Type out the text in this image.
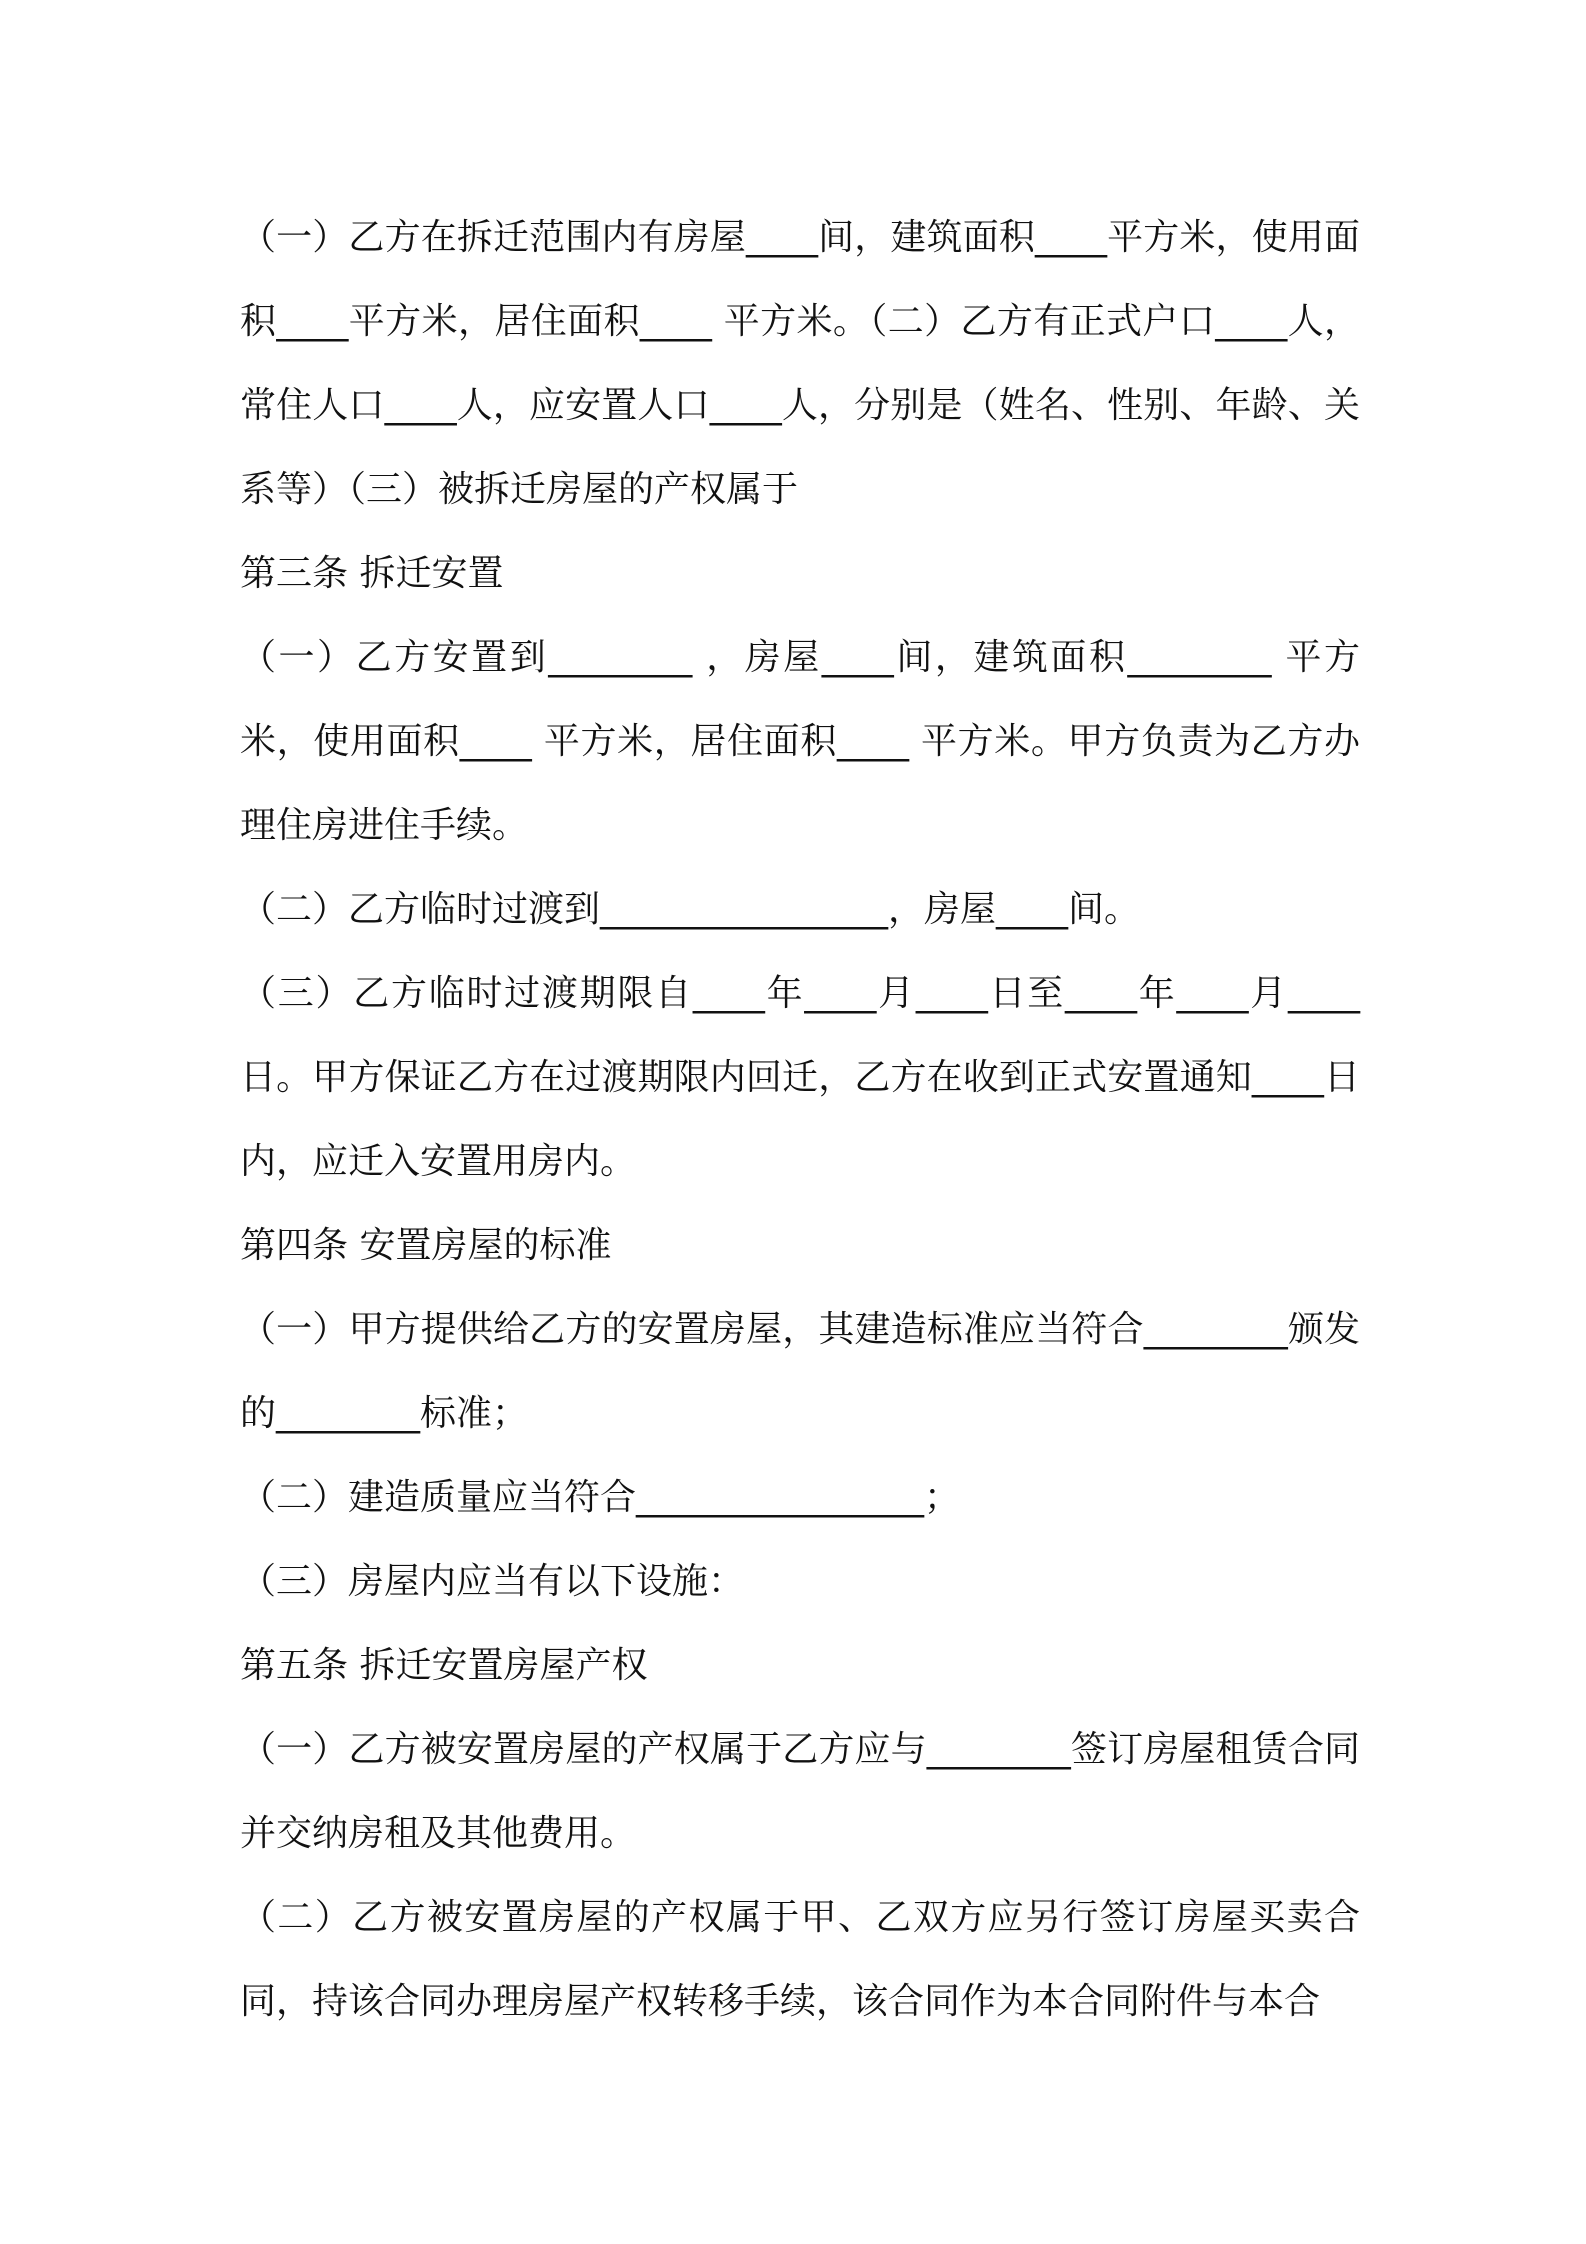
（一）乙方在拆迁范围内有房屋____间，建筑面积____平方米，使用面积____平方米，居住面积____ 平方米。（二）乙方有正式户口____人，常住人口____人，应安置人口____人，分别是（姓名、性别、年龄、关系等）（三）被拆迁房屋的产权属于

第三条 拆迁安置

（一）乙方安置到________ ，房屋____间，建筑面积________ 平方米，使用面积____ 平方米，居住面积____ 平方米。甲方负责为乙方办理住房进住手续。

（二）乙方临时过渡到________________，房屋____间。

（三）乙方临时过渡期限自____年____月____日至____年____月____日。甲方保证乙方在过渡期限内回迁，乙方在收到正式安置通知____日内，应迁入安置用房内。

第四条 安置房屋的标准

（一）甲方提供给乙方的安置房屋，其建造标准应当符合________颁发的________标准；

（二）建造质量应当符合________________；

（三）房屋内应当有以下设施：

第五条 拆迁安置房屋产权

（一）乙方被安置房屋的产权属于乙方应与________签订房屋租赁合同并交纳房租及其他费用。

（二）乙方被安置房屋的产权属于甲、乙双方应另行签订房屋买卖合同，持该合同办理房屋产权转移手续，该合同作为本合同附件与本合
